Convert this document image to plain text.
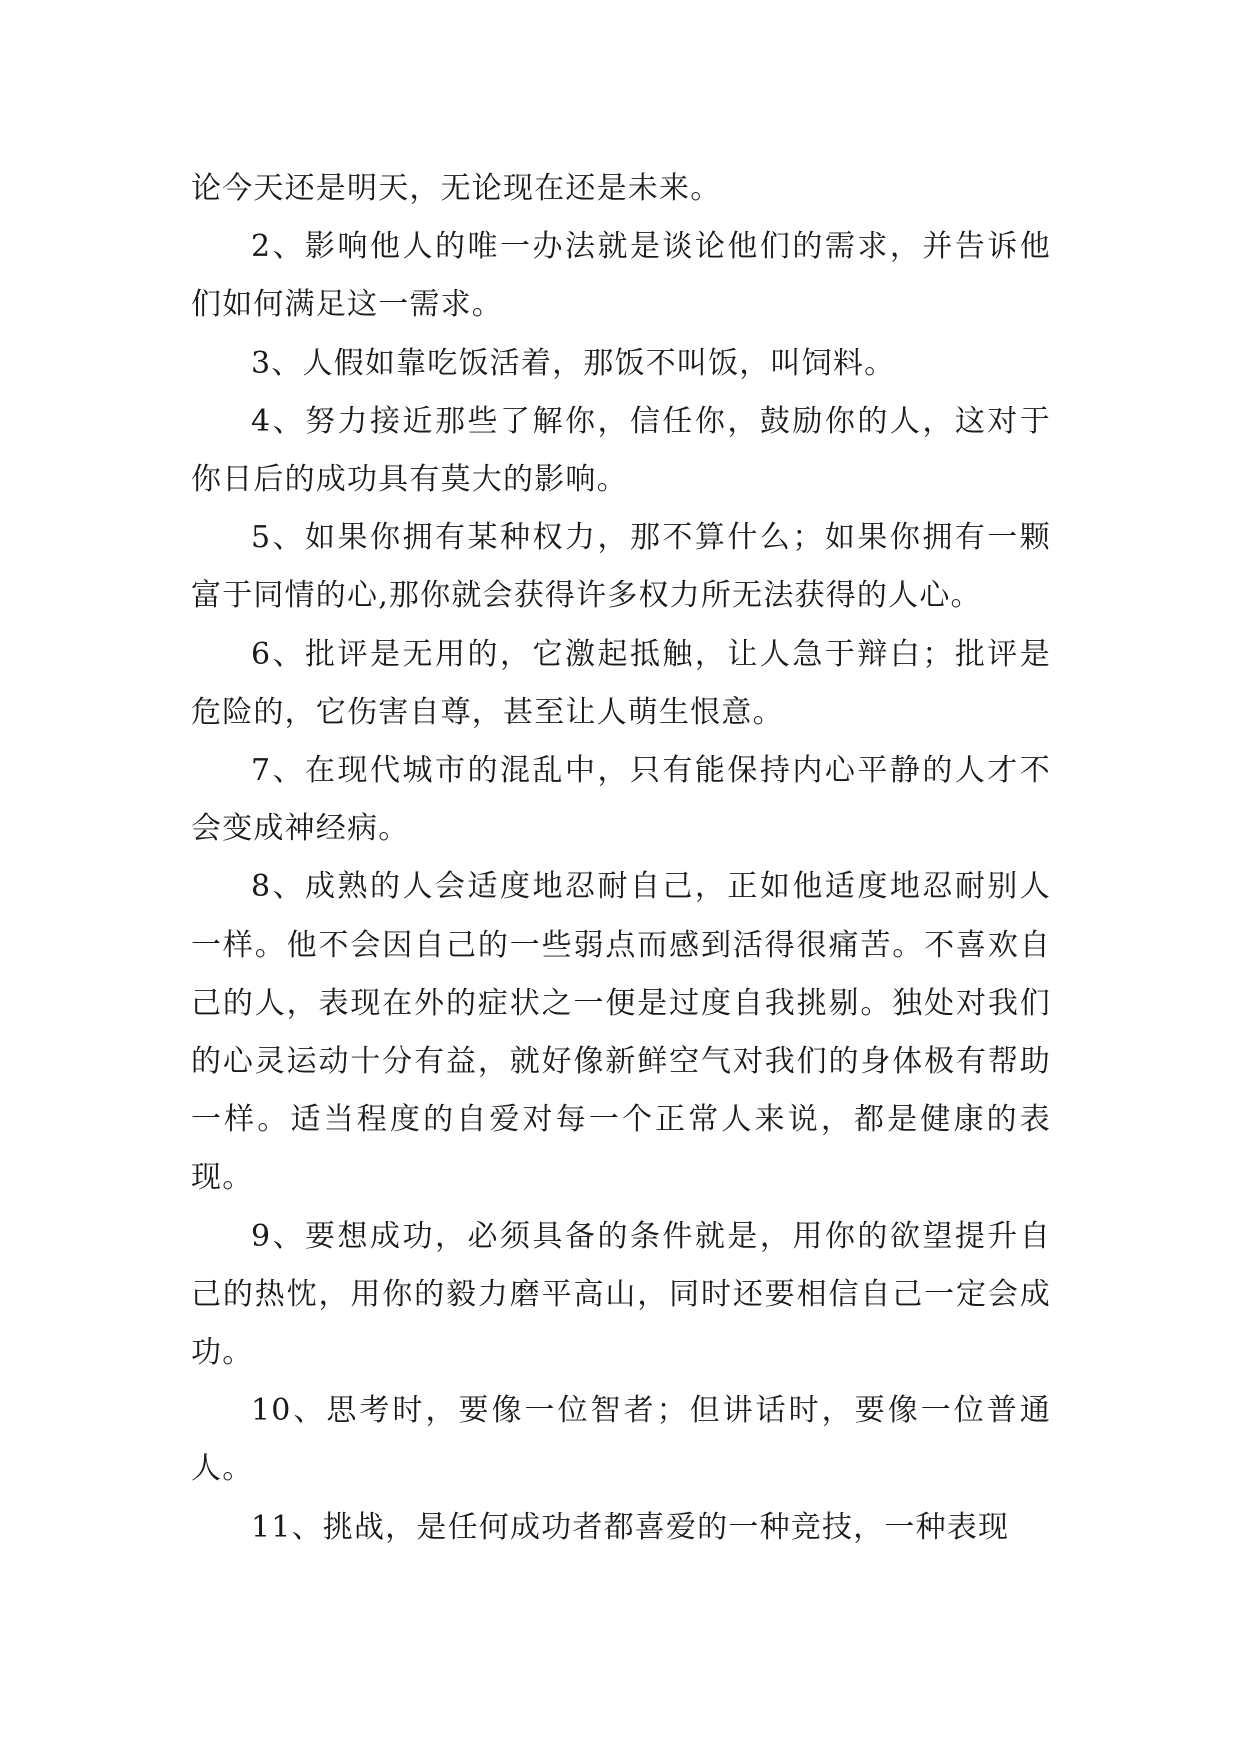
论今天还是明天，无论现在还是未来。

2、影响他人的唯一办法就是谈论他们的需求，并告诉他们如何满足这一需求。

3、人假如靠吃饭活着，那饭不叫饭，叫饲料。

4、努力接近那些了解你，信任你，鼓励你的人，这对于你日后的成功具有莫大的影响。

5、如果你拥有某种权力，那不算什么；如果你拥有一颗富于同情的心,那你就会获得许多权力所无法获得的人心。

6、批评是无用的，它激起抵触，让人急于辩白；批评是危险的，它伤害自尊，甚至让人萌生恨意。

7、在现代城市的混乱中，只有能保持内心平静的人才不会变成神经病。

8、成熟的人会适度地忍耐自己，正如他适度地忍耐别人一样。他不会因自己的一些弱点而感到活得很痛苦。不喜欢自己的人，表现在外的症状之一便是过度自我挑剔。独处对我们的心灵运动十分有益，就好像新鲜空气对我们的身体极有帮助一样。适当程度的自爱对每一个正常人来说，都是健康的表现。

9、要想成功，必须具备的条件就是，用你的欲望提升自己的热忱，用你的毅力磨平高山，同时还要相信自己一定会成功。

10、思考时，要像一位智者；但讲话时，要像一位普通人。

11、挑战，是任何成功者都喜爱的一种竞技，一种表现
